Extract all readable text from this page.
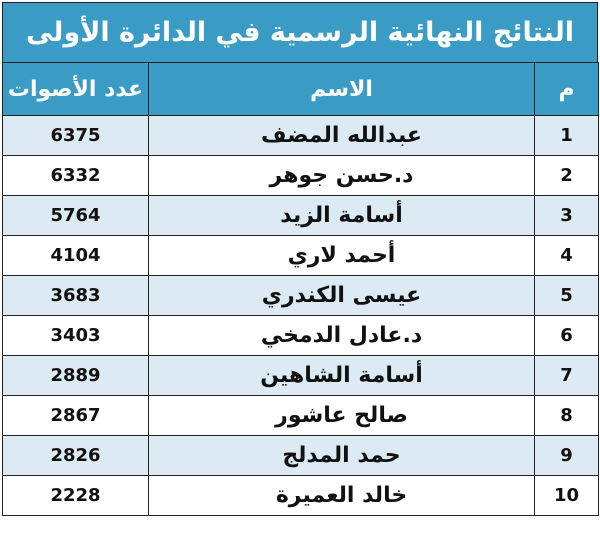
النتائج النهائية الرسمية في الدائرة الأولى
عدد الأصوات	الاسم	م
6375	عبدالله المضف	1
6332	د.حسن جوهر	2
5764	أسامة الزيد	3
4104	أحمد لاري	4
3683	عيسى الكندري	5
3403	د.عادل الدمخي	6
2889	أسامة الشاهين	7
2867	صالح عاشور	8
2826	حمد المدلج	9
2228	خالد العميرة	10
